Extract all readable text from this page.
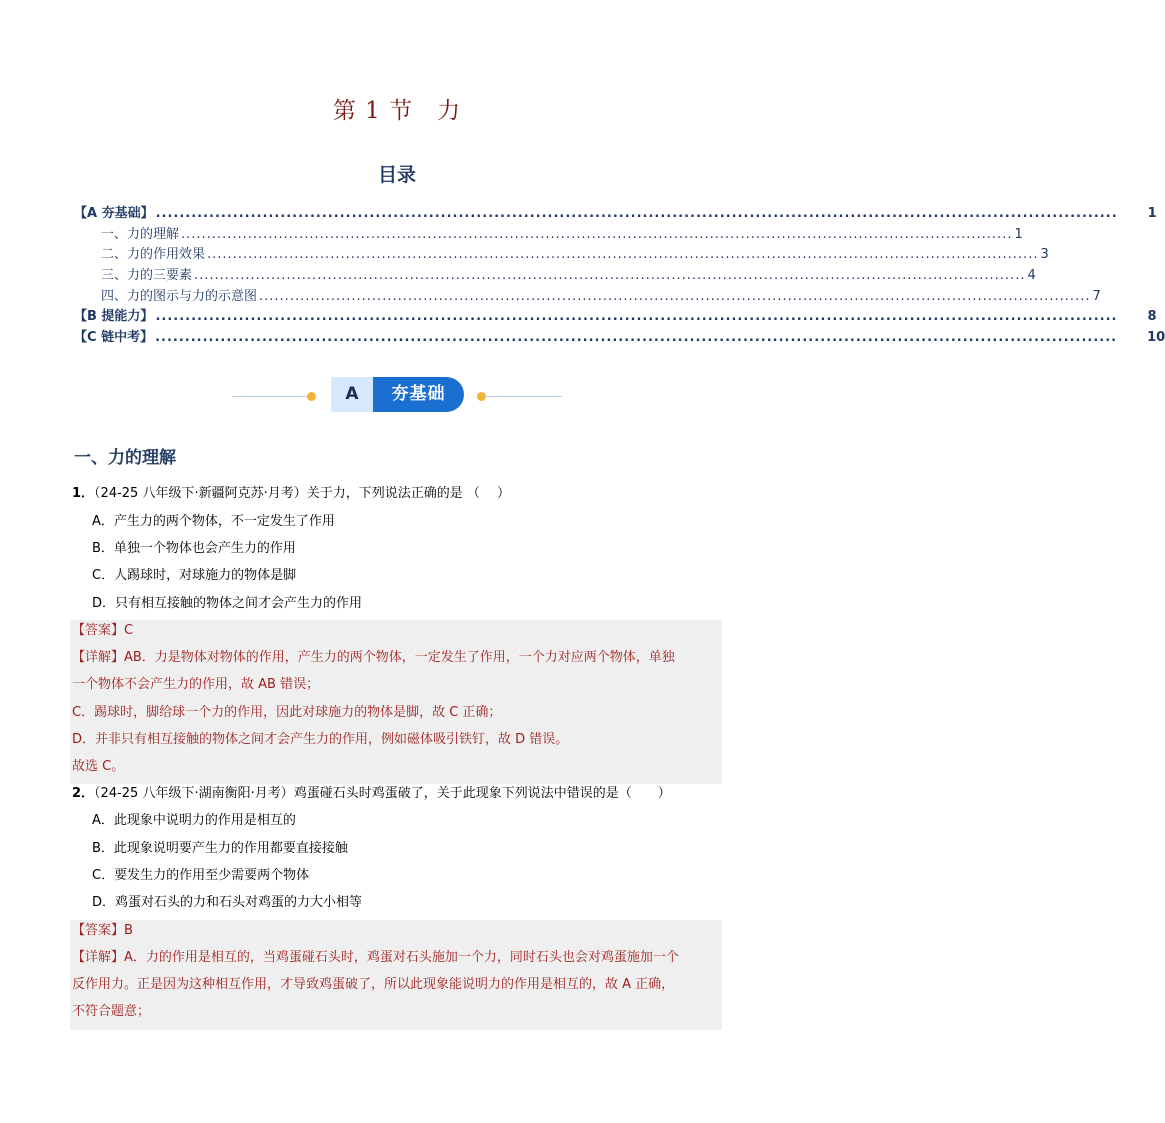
第 1 节　力
目录
【A 夯基础】 .................................................................................................................................................................. 1
一、力的理解 .................................................................................................................................................................. 1
二、力的作用效果 .................................................................................................................................................................. 3
三、力的三要素 .................................................................................................................................................................. 4
四、力的图示与力的示意图 .................................................................................................................................................................. 7
【B 提能力】 .................................................................................................................................................................. 8
【C 链中考】 .................................................................................................................................................................. 10
A	夯基础
一、力的理解
1．（24-25 八年级下·新疆阿克苏·月考）关于力，下列说法正确的是 （　 ）
A．产生力的两个物体，不一定发生了作用
B．单独一个物体也会产生力的作用
C．人踢球时，对球施力的物体是脚
D．只有相互接触的物体之间才会产生力的作用
【答案】C
【详解】AB．力是物体对物体的作用，产生力的两个物体，一定发生了作用，一个力对应两个物体，单独
一个物体不会产生力的作用，故 AB 错误；
C．踢球时，脚给球一个力的作用，因此对球施力的物体是脚，故 C 正确；
D．并非只有相互接触的物体之间才会产生力的作用，例如磁体吸引铁钉，故 D 错误。
故选 C。
2．（24-25 八年级下·湖南衡阳·月考）鸡蛋碰石头时鸡蛋破了，关于此现象下列说法中错误的是（　　）
A．此现象中说明力的作用是相互的
B．此现象说明要产生力的作用都要直接接触
C．要发生力的作用至少需要两个物体
D．鸡蛋对石头的力和石头对鸡蛋的力大小相等
【答案】B
【详解】A．力的作用是相互的，当鸡蛋碰石头时，鸡蛋对石头施加一个力，同时石头也会对鸡蛋施加一个
反作用力。正是因为这种相互作用，才导致鸡蛋破了，所以此现象能说明力的作用是相互的，故 A 正确，
不符合题意；
